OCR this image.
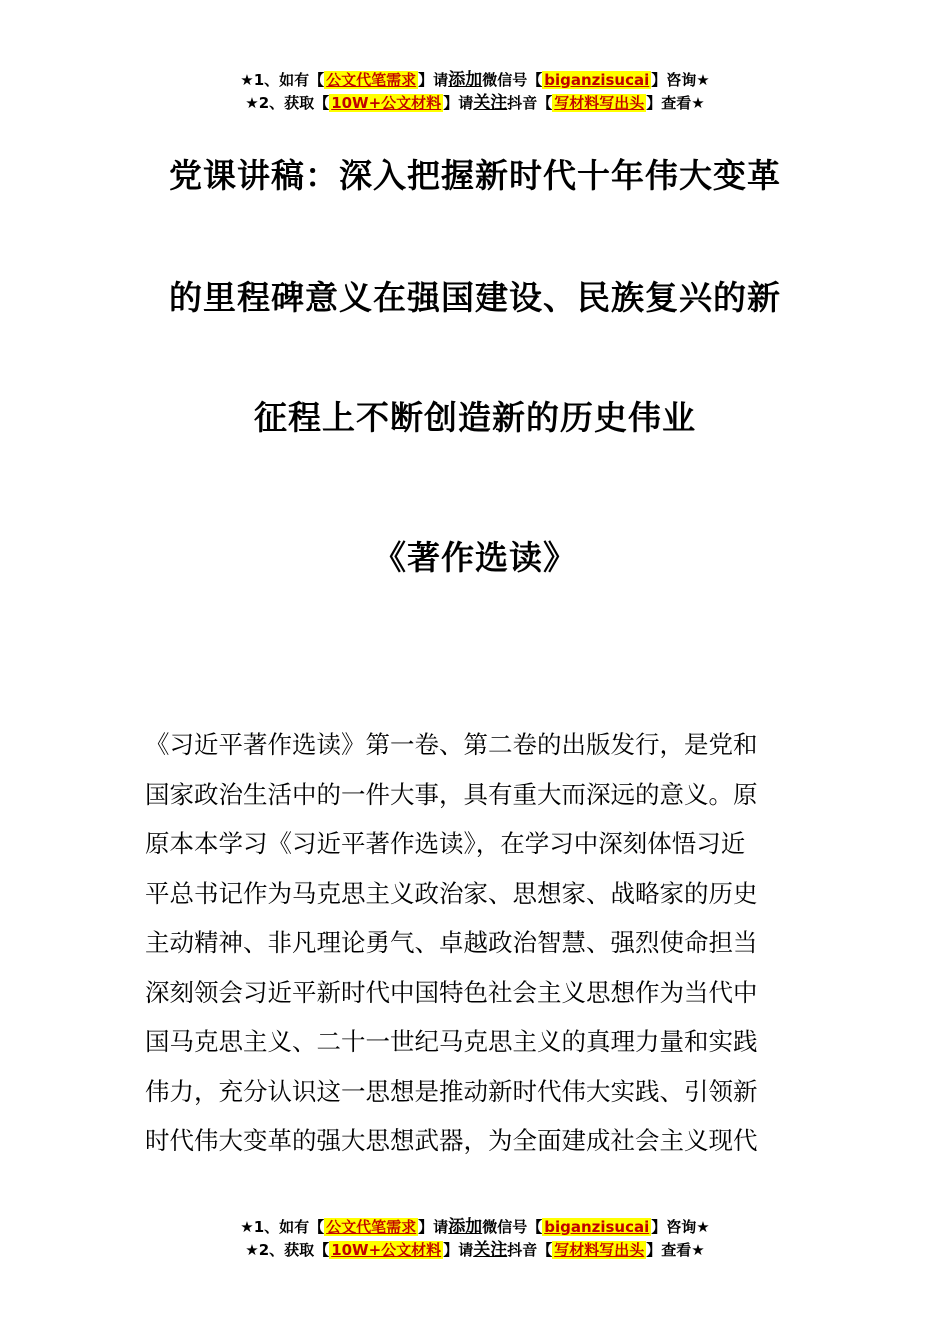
★1、如有【 公文代笔需求 】请添加微信号【 biganzisucai 】咨询★
★2、获取【 10W+公文材料 】请关注抖音【 写材料写出头 】查看★
党课讲稿：深入把握新时代十年伟大变革
的里程碑意义在强国建设、民族复兴的新
征程上不断创造新的历史伟业
《著作选读》
《习近平著作选读》第一卷、第二卷的出版发行，是党和
国家政治生活中的一件大事，具有重大而深远的意义。原
原本本学习《习近平著作选读》，在学习中深刻体悟习近
平总书记作为马克思主义政治家、思想家、战略家的历史
主动精神、非凡理论勇气、卓越政治智慧、强烈使命担当
深刻领会习近平新时代中国特色社会主义思想作为当代中
国马克思主义、二十一世纪马克思主义的真理力量和实践
伟力，充分认识这一思想是推动新时代伟大实践、引领新
时代伟大变革的强大思想武器，为全面建成社会主义现代
★1、如有【 公文代笔需求 】请添加微信号【 biganzisucai 】咨询★
★2、获取【 10W+公文材料 】请关注抖音【 写材料写出头 】查看★
